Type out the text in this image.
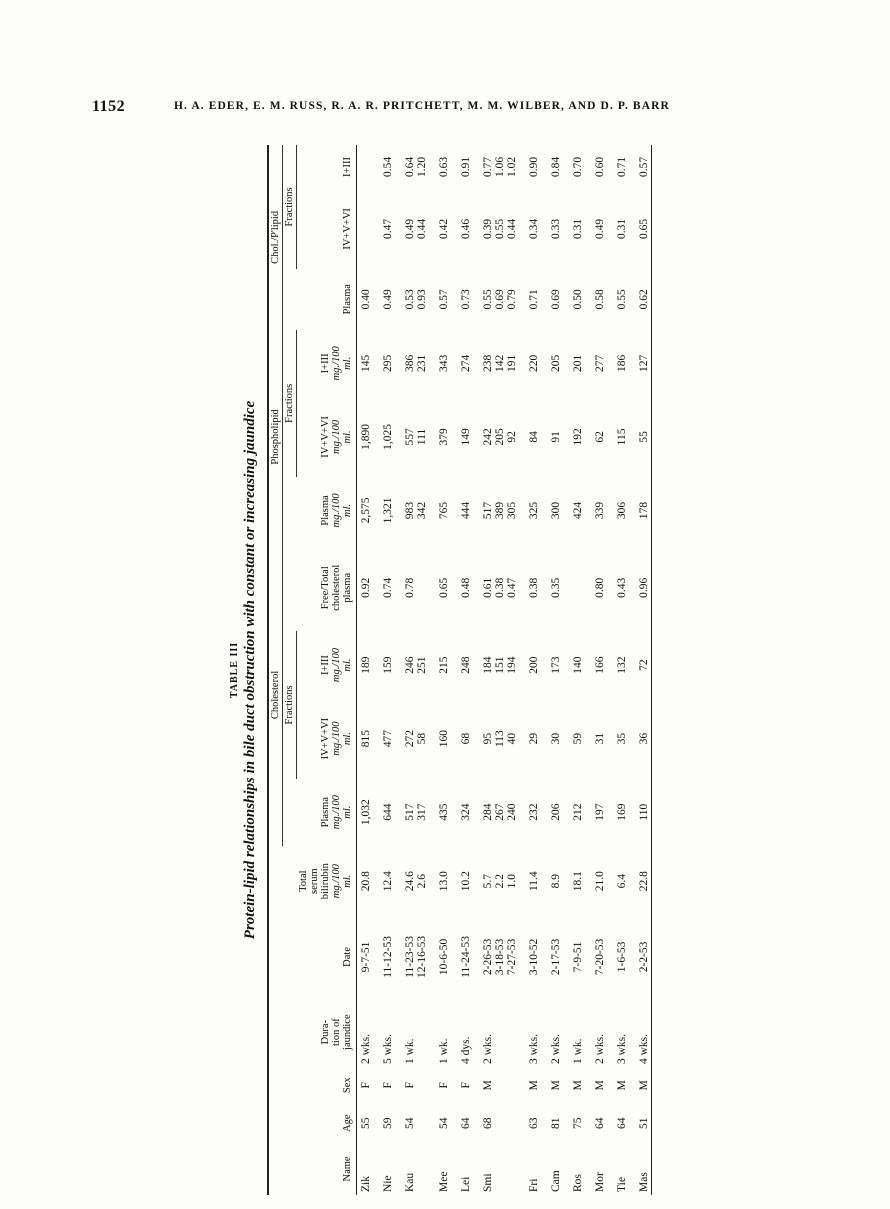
1152	H. A. EDER, E. M. RUSS, R. A. R. PRITCHETT, M. M. WILBER, AND D. P. BARR
TABLE III Protein-lipid relationships in bile duct obstruction with constant or increasing jaundice
						Cholesterol				Phospholipid			Chol./P'lipid		
							Fractions				Fractions			Fractions	
Name	Age	Sex	Dura- tion of jaundice	Date	Total serum bilirubin mg./100 ml.	Plasma mg./100 ml.	IV+V+VI mg./100 ml.	I+III mg./100 ml.	Free/Total cholesterol plasma	Plasma mg./100 ml.	IV+V+VI mg./100 ml.	I+III mg./100 ml.	Plasma	IV+V+VI	I+III
Zik	55	F	2 wks.	9-7-51	20.8	1,032	815	189	0.92	2,575	1,890	145	0.40		

Nie	59	F	5 wks.	11-12-53	12.4	644	477	159	0.74	1,321	1,025	295	0.49	0.47	0.54

Kau	54	F	1 wk.	11-23-53 12-16-53	24.6 2.6	517 317	272 58	246 251	0.78	983 342	557 111	386 231	0.53 0.93	0.49 0.44	0.64 1.20

Mee	54	F	1 wk.	10-6-50	13.0	435	160	215	0.65	765	379	343	0.57	0.42	0.63

Lei	64	F	4 dys.	11-24-53	10.2	324	68	248	0.48	444	149	274	0.73	0.46	0.91

Smi	68	M	2 wks.	2-26-53 3-18-53 7-27-53	5.7 2.2 1.0	284 267 240	95 113 40	184 151 194	0.61 0.38 0.47	517 389 305	242 205 92	238 142 191	0.55 0.69 0.79	0.39 0.55 0.44	0.77 1.06 1.02

Fri	63	M	3 wks.	3-10-52	11.4	232	29	200	0.38	325	84	220	0.71	0.34	0.90

Cam	81	M	2 wks.	2-17-53	8.9	206	30	173	0.35	300	91	205	0.69	0.33	0.84

Ros	75	M	1 wk.	7-9-51	18.1	212	59	140		424	192	201	0.50	0.31	0.70

Mor	64	M	2 wks.	7-20-53	21.0	197	31	166	0.80	339	62	277	0.58	0.49	0.60

Tie	64	M	3 wks.	1-6-53	6.4	169	35	132	0.43	306	115	186	0.55	0.31	0.71

Mas	51	M	4 wks.	2-2-53	22.8	110	36	72	0.96	178	55	127	0.62	0.65	0.57
